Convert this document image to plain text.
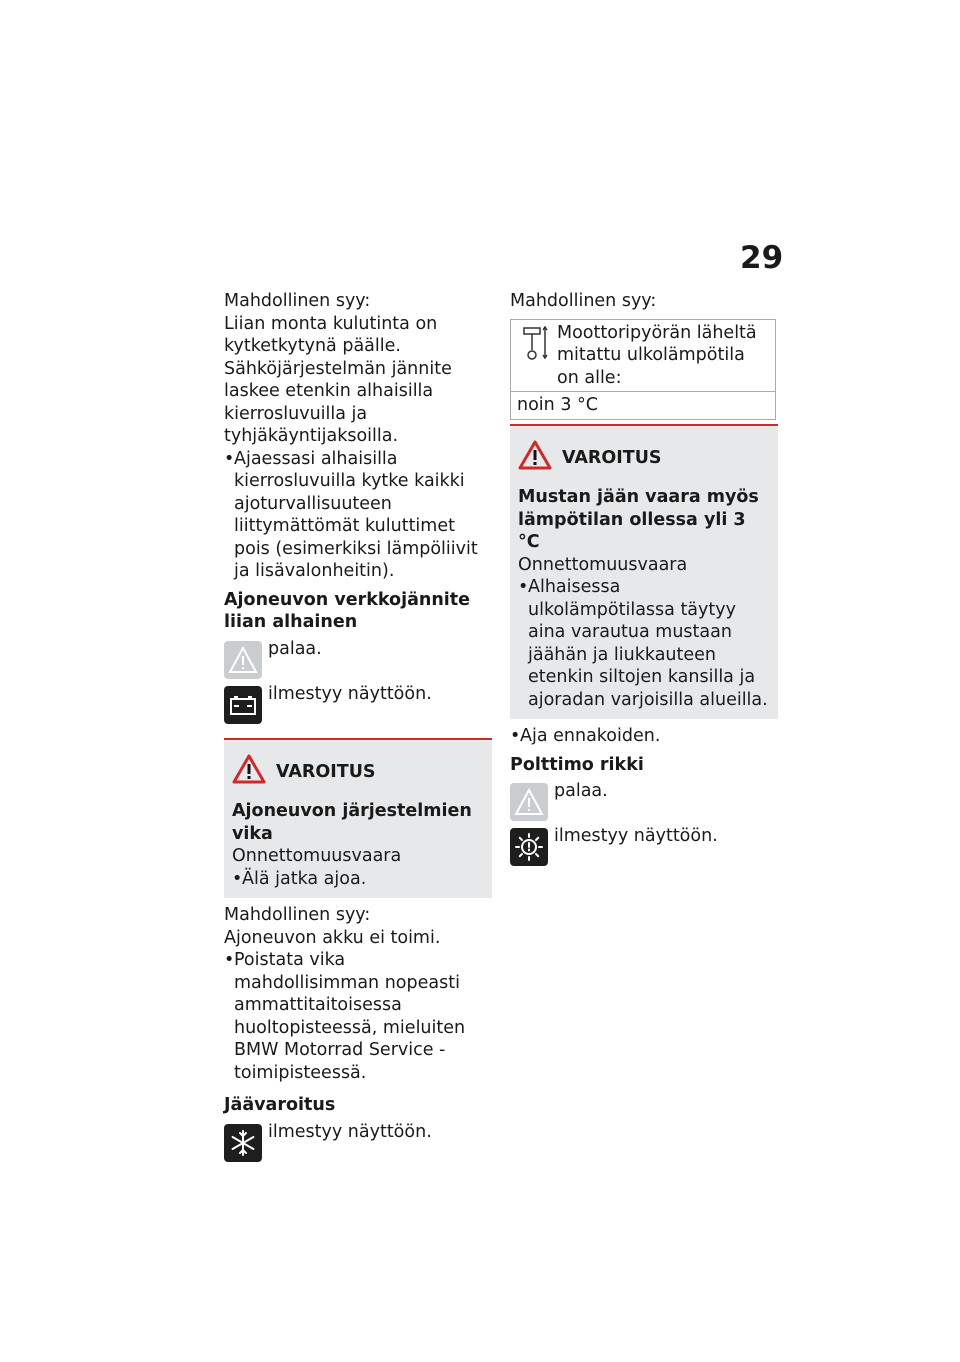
29

Mahdollinen syy:

Liian monta kulutinta on kytketkytynä päälle. Sähköjärjestelmän jännite laskee etenkin alhaisilla kierrosluvuilla ja tyhjäkäyntijaksoilla.

• Ajaessasi alhaisilla kierrosluvuilla kytke kaikki ajoturvallisuuteen liittymättömät kuluttimet pois (esimerkiksi lämpöliivit ja lisävalonheitin).

Ajoneuvon verkkojännite liian alhainen

palaa.
ilmestyy näyttöön.
VAROITUS

Ajoneuvon järjestelmien vika

Onnettomuusvaara

• Älä jatka ajoa.

Mahdollinen syy:

Ajoneuvon akku ei toimi.

• Poistata vika mahdollisimman nopeasti ammattitaitoisessa huoltopisteessä, mieluiten BMW Motorrad Service -toimipisteessä.

Jäävaroitus

ilmestyy näyttöön.

Mahdollinen syy:

Moottoripyörän läheltä mitattu ulkolämpötila on alle:
noin 3 °C
VAROITUS

Mustan jään vaara myös lämpötilan ollessa yli 3 °C

Onnettomuusvaara

• Alhaisessa ulkolämpötilassa täytyy aina varautua mustaan jäähän ja liukkauteen etenkin siltojen kansilla ja ajoradan varjoisilla alueilla.
• Aja ennakoiden.

Polttimo rikki

palaa.
ilmestyy näyttöön.
